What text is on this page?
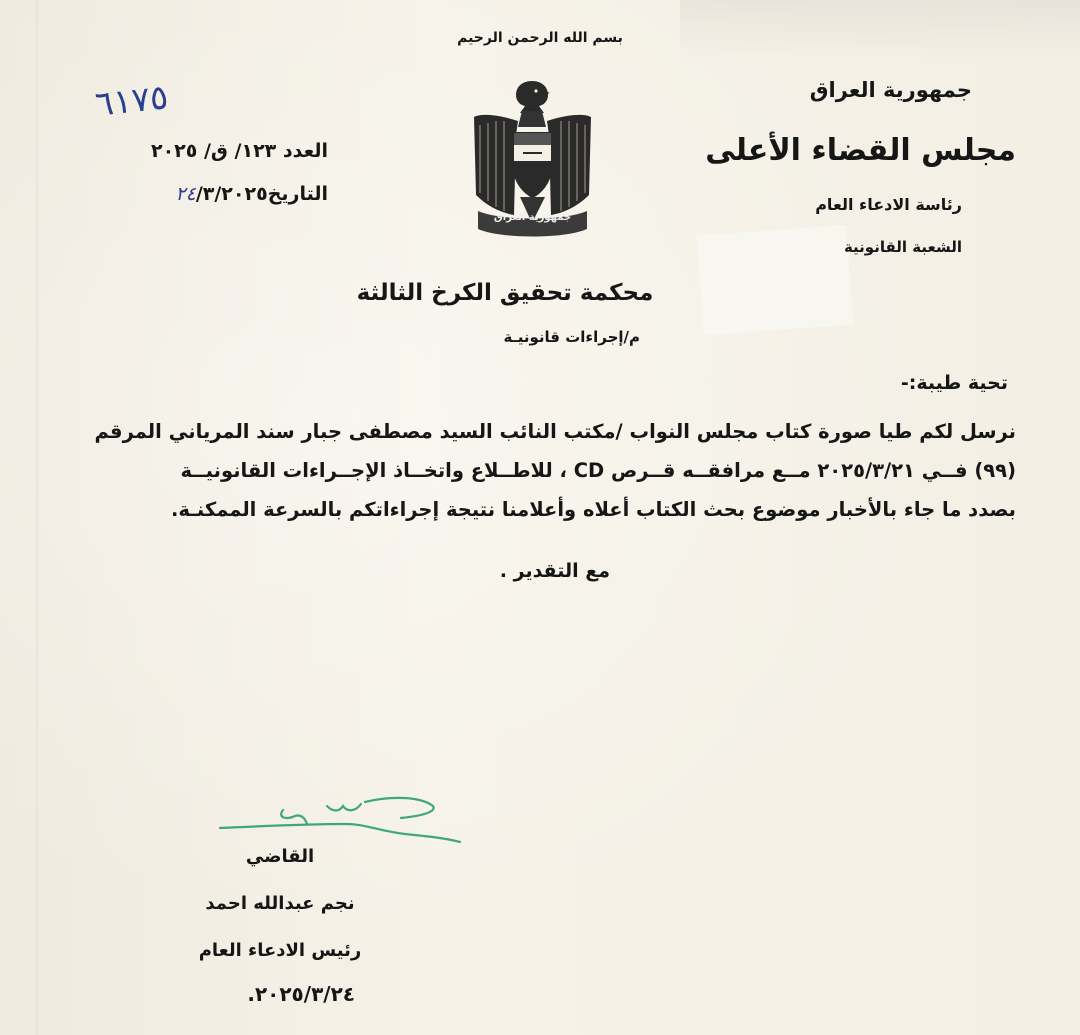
بسم الله الرحمن الرحيم
جمهورية العراق
مجلس القضاء الأعلى
رئاسة الادعاء العام
الشعبة القانونية
جمهورية العراق
٦١٧٥
العدد ١٢٣/ ق/ ٢٠٢٥
التاريخ٢٤/٣/٢٠٢٥
محكمة تحقيق الكرخ الثالثة
م/إجراءات قانونيـة
تحية طيبة:-

نرسل لكم طيا صورة كتاب مجلس النواب /مكتب النائب السيد مصطفى جبار سند المرياني المرقم

(٩٩) فــي ٢٠٢٥/٣/٢١ مــع مرافقــه قــرص CD ، للاطــلاع واتخــاذ الإجــراءات القانونيــة

بصدد ما جاء بالأخبار موضوع بحث الكتاب أعلاه وأعلامنا نتيجة إجراءاتكم بالسرعة الممكنـة.

مع التقدير .
القاضي
نجم عبدالله احمد
رئيس الادعاء العام
٢٠٢٥/٣/٢٤.
